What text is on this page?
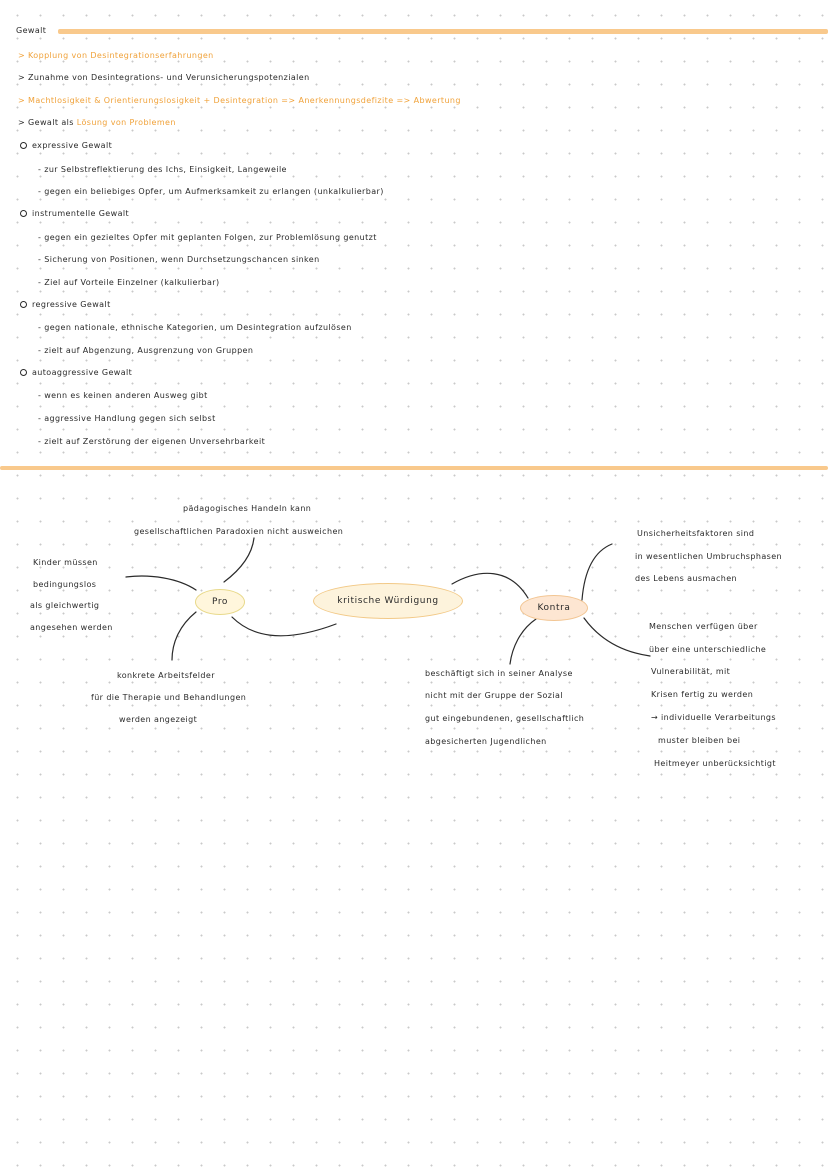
Gewalt
> Kopplung von Desintegrationserfahrungen
> Zunahme von Desintegrations- und Verunsicherungspotenzialen
> Machtlosigkeit & Orientierungslosigkeit + Desintegration => Anerkennungsdefizite => Abwertung
> Gewalt als Lösung von Problemen
expressive Gewalt
- zur Selbstreflektierung des Ichs, Einsigkeit, Langeweile
- gegen ein beliebiges Opfer, um Aufmerksamkeit zu erlangen (unkalkulierbar)
instrumentelle Gewalt
- gegen ein gezieltes Opfer mit geplanten Folgen, zur Problemlösung genutzt
- Sicherung von Positionen, wenn Durchsetzungschancen sinken
- Ziel auf Vorteile Einzelner (kalkulierbar)
regressive Gewalt
- gegen nationale, ethnische Kategorien, um Desintegration aufzulösen
- zielt auf Abgenzung, Ausgrenzung von Gruppen
autoaggressive Gewalt
- wenn es keinen anderen Ausweg gibt
- aggressive Handlung gegen sich selbst
- zielt auf Zerstörung der eigenen Unversehrbarkeit
pädagogisches Handeln kann
gesellschaftlichen Paradoxien nicht ausweichen
Kinder müssen
bedingungslos
als gleichwertig
angesehen werden
konkrete Arbeitsfelder
für die Therapie und Behandlungen
werden angezeigt
Pro	kritische Würdigung
Kontra
Unsicherheitsfaktoren sind
in wesentlichen Umbruchsphasen
des Lebens ausmachen
Menschen verfügen über
über eine unterschiedliche
Vulnerabilität, mit
Krisen fertig zu werden
→ individuelle Verarbeitungs
muster bleiben bei
Heitmeyer unberücksichtigt
beschäftigt sich in seiner Analyse
nicht mit der Gruppe der Sozial
gut eingebundenen, gesellschaftlich
abgesicherten Jugendlichen
